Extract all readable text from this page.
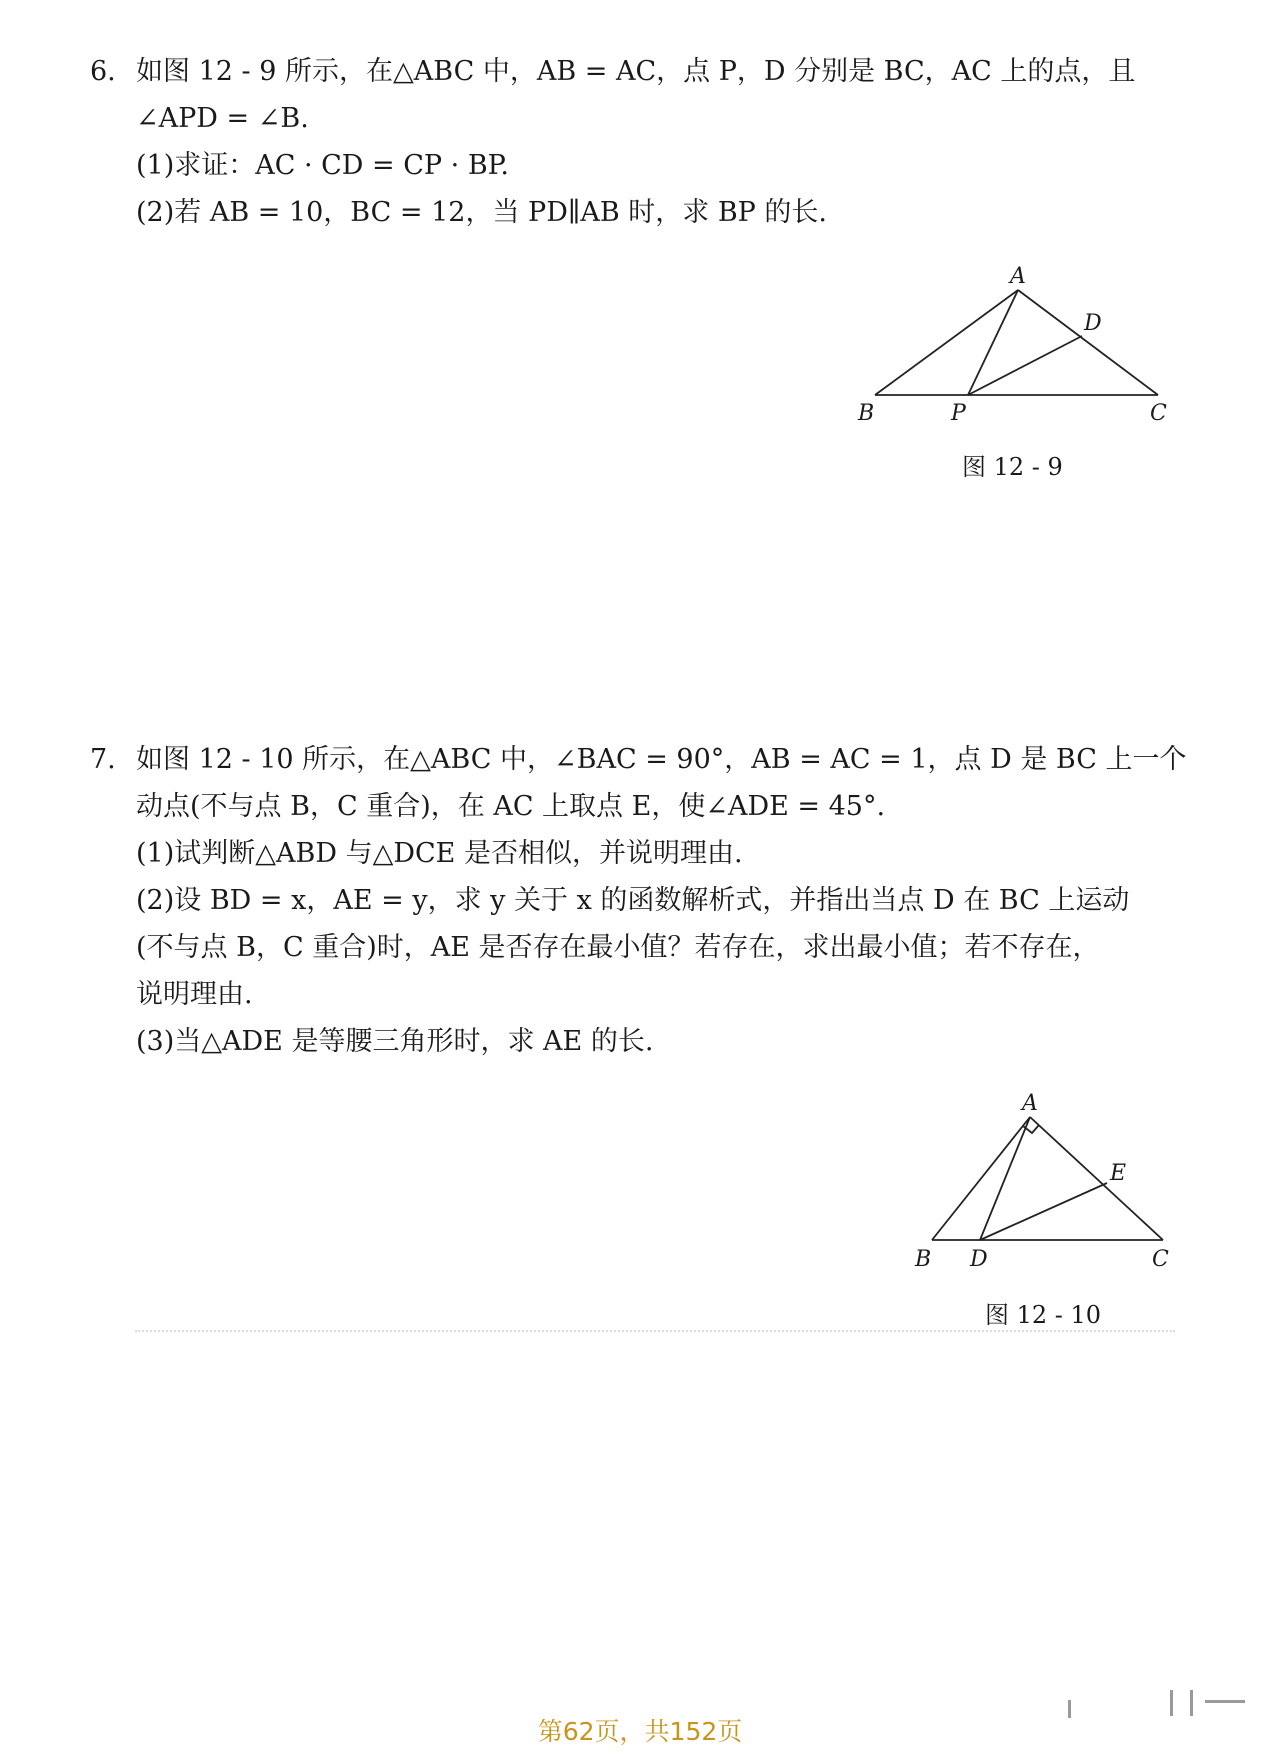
6. 如图 12 - 9 所示，在△ABC 中，AB = AC，点 P，D 分别是 BC，AC 上的点，且
∠APD = ∠B.
(1)求证：AC · CD = CP · BP.
(2)若 AB = 10，BC = 12，当 PD∥AB 时，求 BP 的长.
A
D
B	P	C
图 12 - 9
7. 如图 12 - 10 所示，在△ABC 中，∠BAC = 90°，AB = AC = 1，点 D 是 BC 上一个
动点(不与点 B，C 重合)，在 AC 上取点 E，使∠ADE = 45°.
(1)试判断△ABD 与△DCE 是否相似，并说明理由.
(2)设 BD = x，AE = y，求 y 关于 x 的函数解析式，并指出当点 D 在 BC 上运动
(不与点 B，C 重合)时，AE 是否存在最小值？若存在，求出最小值；若不存在，
说明理由.
(3)当△ADE 是等腰三角形时，求 AE 的长.
A
E
B D	C
图 12 - 10
第62页，共152页
